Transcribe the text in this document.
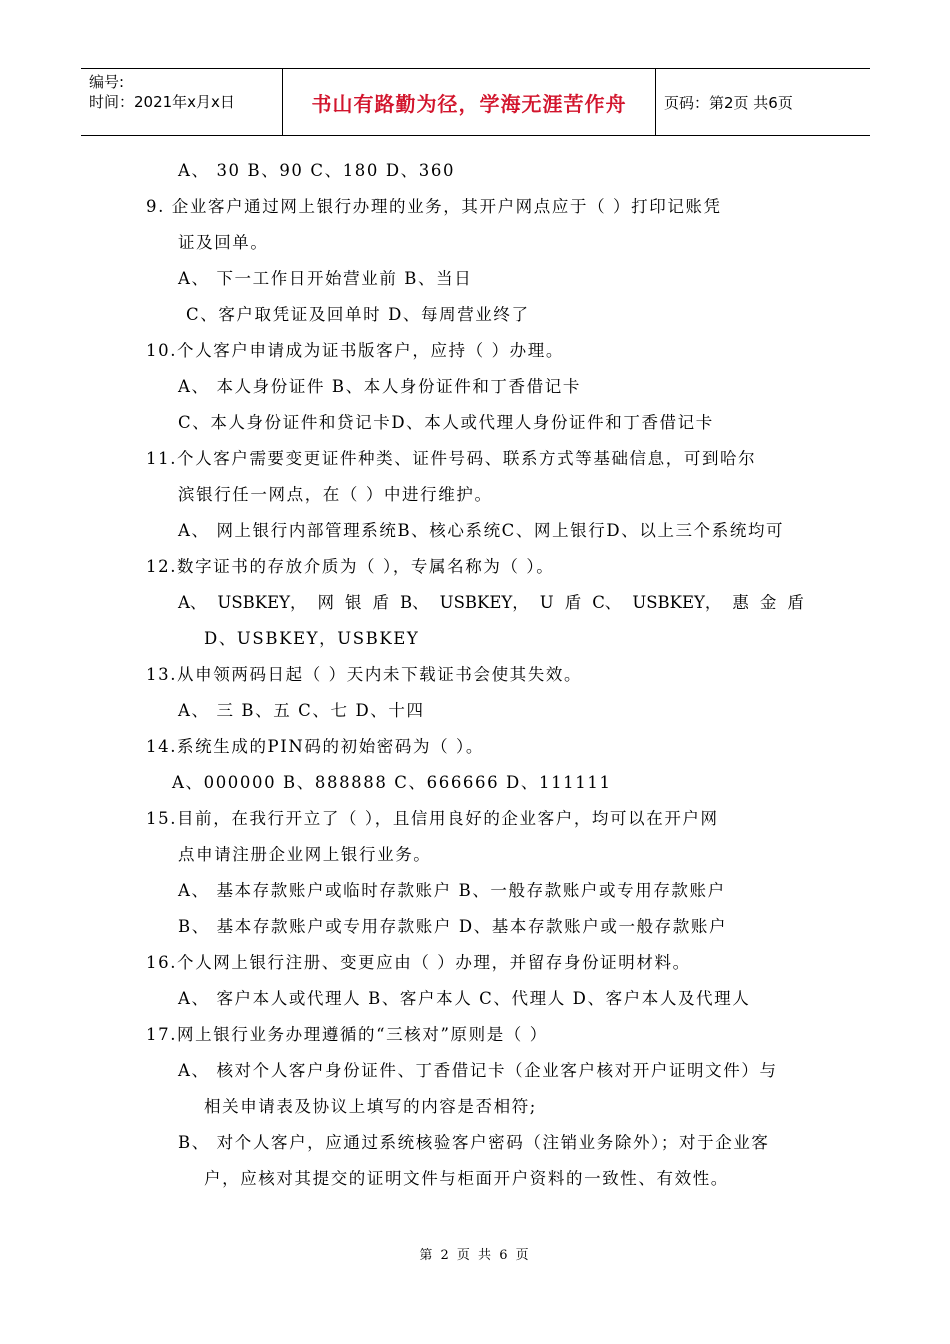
编号:
时间：2021年x月x日	书山有路勤为径，学海无涯苦作舟	页码：第2页 共6页
A、 30 B、90 C、180 D、360
9. 企业客户通过网上银行办理的业务，其开户网点应于（ ）打印记账凭
证及回单。
A、 下一工作日开始营业前 B、当日
C、客户取凭证及回单时 D、每周营业终了
10.个人客户申请成为证书版客户，应持（ ）办理。
A、 本人身份证件 B、本人身份证件和丁香借记卡
C、本人身份证件和贷记卡D、本人或代理人身份证件和丁香借记卡
11.个人客户需要变更证件种类、证件号码、联系方式等基础信息，可到哈尔
滨银行任一网点，在（ ）中进行维护。
A、 网上银行内部管理系统B、核心系统C、网上银行D、以上三个系统均可
12.数字证书的存放介质为（ ），专属名称为（ ）。
A、 USBKEY， 网 银 盾 B、 USBKEY， U 盾 C、 USBKEY， 惠 金 盾
D、USBKEY，USBKEY
13.从申领两码日起（ ）天内未下载证书会使其失效。
A、 三 B、五 C、七 D、十四
14.系统生成的PIN码的初始密码为（ ）。
A、000000 B、888888 C、666666 D、111111
15.目前，在我行开立了（ ），且信用良好的企业客户，均可以在开户网
点申请注册企业网上银行业务。
A、 基本存款账户或临时存款账户 B、一般存款账户或专用存款账户
B、 基本存款账户或专用存款账户 D、基本存款账户或一般存款账户
16.个人网上银行注册、变更应由（ ）办理，并留存身份证明材料。
A、 客户本人或代理人 B、客户本人 C、代理人 D、客户本人及代理人
17.网上银行业务办理遵循的“三核对”原则是（ ）
A、 核对个人客户身份证件、丁香借记卡（企业客户核对开户证明文件）与
相关申请表及协议上填写的内容是否相符;
B、 对个人客户，应通过系统核验客户密码（注销业务除外）；对于企业客
户，应核对其提交的证明文件与柜面开户资料的一致性、有效性。
第 2 页 共 6 页
